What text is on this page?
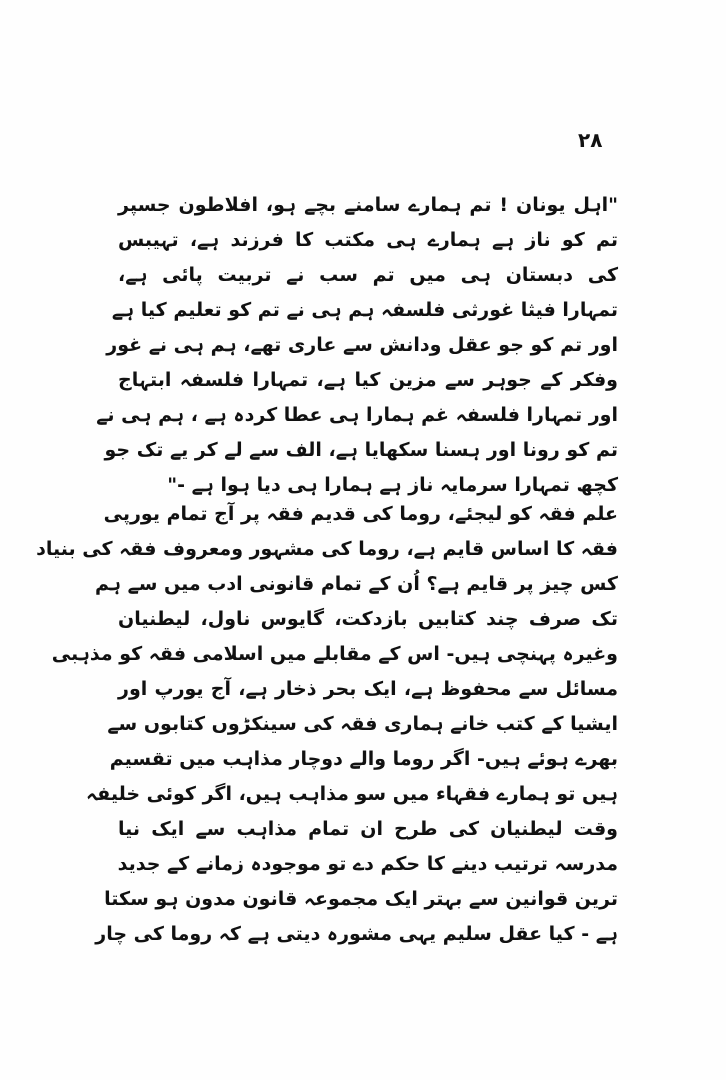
۲۸
"اہل یونان ! تم ہمارے سامنے بچے ہو، افلاطون جسپر
تم کو ناز ہے ہمارے ہی مکتب کا فرزند ہے، تہیبس
کی دبستان ہی میں تم سب نے تربیت پائی ہے،
تمہارا فیثا غورثی فلسفہ ہم ہی نے تم کو تعلیم کیا ہے
اور تم کو جو عقل ودانش سے عاری تھے، ہم ہی نے غور
وفکر کے جوہر سے مزین کیا ہے، تمہارا فلسفہ ابتہاج
اور تمہارا فلسفہ غم ہمارا ہی عطا کردہ ہے ، ہم ہی نے
تم کو رونا اور ہسنا سکھایا ہے، الف سے لے کر یے تک جو
کچھ تمہارا سرمایہ ناز ہے ہمارا ہی دیا ہوا ہے -"
علم فقہ کو لیجئے، روما کی قدیم فقہ پر آج تمام یورپی
فقہ کا اساس قایم ہے، روما کی مشہور ومعروف فقہ کی بنیاد
کس چیز پر قایم ہے؟ اُن کے تمام قانونی ادب میں سے ہم
تک صرف چند کتابیں بازدکت، گایوس ناول، لیطنیان
وغیرہ پہنچی ہیں- اس کے مقابلے میں اسلامی فقہ کو مذہبی
مسائل سے محفوظ ہے، ایک بحر ذخار ہے، آج یورپ اور
ایشیا کے کتب خانے ہماری فقہ کی سینکڑوں کتابوں سے
بھرے ہوئے ہیں- اگر روما والے دوچار مذاہب میں تقسیم
ہیں تو ہمارے فقہاء میں سو مذاہب ہیں، اگر کوئی خلیفہ
وقت لیطنیان کی طرح ان تمام مذاہب سے ایک نیا
مدرسہ ترتیب دینے کا حکم دے تو موجودہ زمانے کے جدید
ترین قوانین سے بہتر ایک مجموعہ قانون مدون ہو سکتا
ہے - کیا عقل سلیم یہی مشورہ دیتی ہے کہ روما کی چار
